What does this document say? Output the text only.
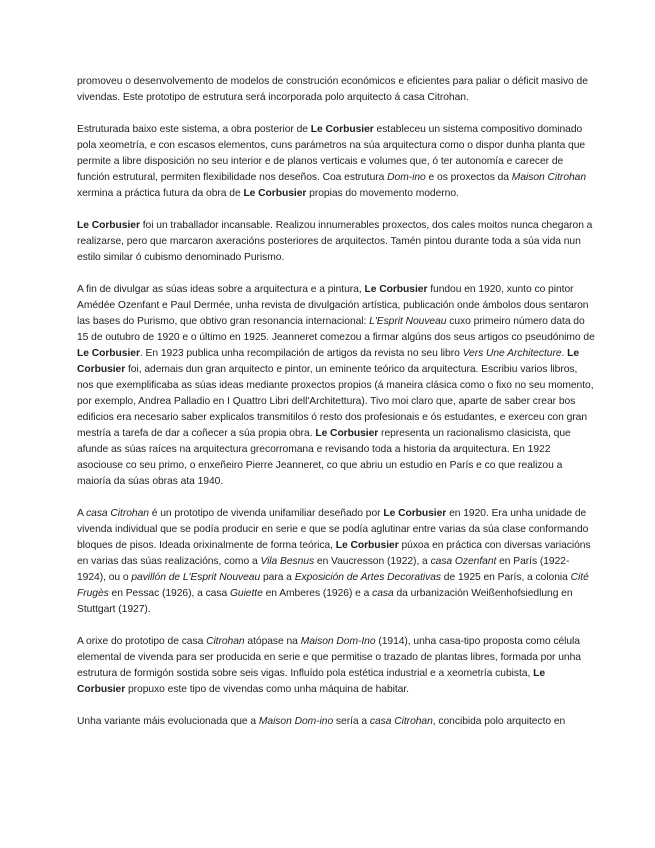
promoveu o desenvolvemento de modelos de construción económicos e eficientes para paliar o déficit masivo de vivendas. Este prototipo de estrutura será incorporada polo arquitecto á casa Citrohan.

Estruturada baixo este sistema, a obra posterior de Le Corbusier estableceu un sistema compositivo dominado pola xeometría, e con escasos elementos, cuns parámetros na súa arquitectura como o dispor dunha planta que permite a libre disposición no seu interior e de planos verticais e volumes que, ó ter autonomía e carecer de función estrutural, permiten flexibilidade nos deseños. Coa estrutura Dom-ino e os proxectos da Maison Citrohan xermina a práctica futura da obra de Le Corbusier propias do movemento moderno.

Le Corbusier foi un traballador incansable. Realizou innumerables proxectos, dos cales moitos nunca chegaron a realizarse, pero que marcaron axeracións posteriores de arquitectos. Tamén pintou durante toda a súa vida nun estilo similar ó cubismo denominado Purismo.

A fin de divulgar as súas ideas sobre a arquitectura e a pintura, Le Corbusier fundou en 1920, xunto co pintor Amédée Ozenfant e Paul Dermée, unha revista de divulgación artística, publicación onde ámbolos dous sentaron las bases do Purismo, que obtivo gran resonancia internacional: L'Esprit Nouveau cuxo primeiro número data do 15 de outubro de 1920 e o último en 1925. Jeanneret comezou a firmar algúns dos seus artigos co pseudónimo de Le Corbusier. En 1923 publica unha recompilación de artigos da revista no seu libro Vers Une Architecture. Le Corbusier foi, ademais dun gran arquitecto e pintor, un eminente teórico da arquitectura. Escribiu varios libros, nos que exemplificaba as súas ideas mediante proxectos propios (á maneira clásica como o fixo no seu momento, por exemplo, Andrea Palladio en I Quattro Libri dell'Architettura). Tivo moi claro que, aparte de saber crear bos edificios era necesario saber explicalos transmitilos ó resto dos profesionais e ós estudantes, e exerceu con gran mestría a tarefa de dar a coñecer a súa propia obra. Le Corbusier representa un racionalismo clasicista, que afunde as súas raíces na arquitectura grecorromana e revisando toda a historia da arquitectura. En 1922 asociouse co seu primo, o enxeñeiro Pierre Jeanneret, co que abriu un estudio en París e co que realizou a maioría da súas obras ata 1940.

A casa Citrohan é un prototipo de vivenda unifamiliar deseñado por Le Corbusier en 1920. Era unha unidade de vivenda individual que se podía producir en serie e que se podía aglutinar entre varias da súa clase conformando bloques de pisos. Ideada orixinalmente de forma teórica, Le Corbusier púxoa en práctica con diversas variacións en varias das súas realizacións, como a Vila Besnus en Vaucresson (1922), a casa Ozenfant en París (1922-1924), ou o pavillón de L'Esprit Nouveau para a Exposición de Artes Decorativas de 1925 en París, a colonia Cité Frugès en Pessac (1926), a casa Guiette en Amberes (1926) e a casa da urbanización Weißenhofsiedlung en Stuttgart (1927).

A orixe do prototipo de casa Citrohan atópase na Maison Dom-Ino (1914), unha casa-tipo proposta como célula elemental de vivenda para ser producida en serie e que permitise o trazado de plantas libres, formada por unha estrutura de formigón sostida sobre seis vigas. Influído pola estética industrial e a xeometría cubista, Le Corbusier propuxo este tipo de vivendas como unha máquina de habitar.

Unha variante máis evolucionada que a Maison Dom-ino sería a casa Citrohan, concibida polo arquitecto en
